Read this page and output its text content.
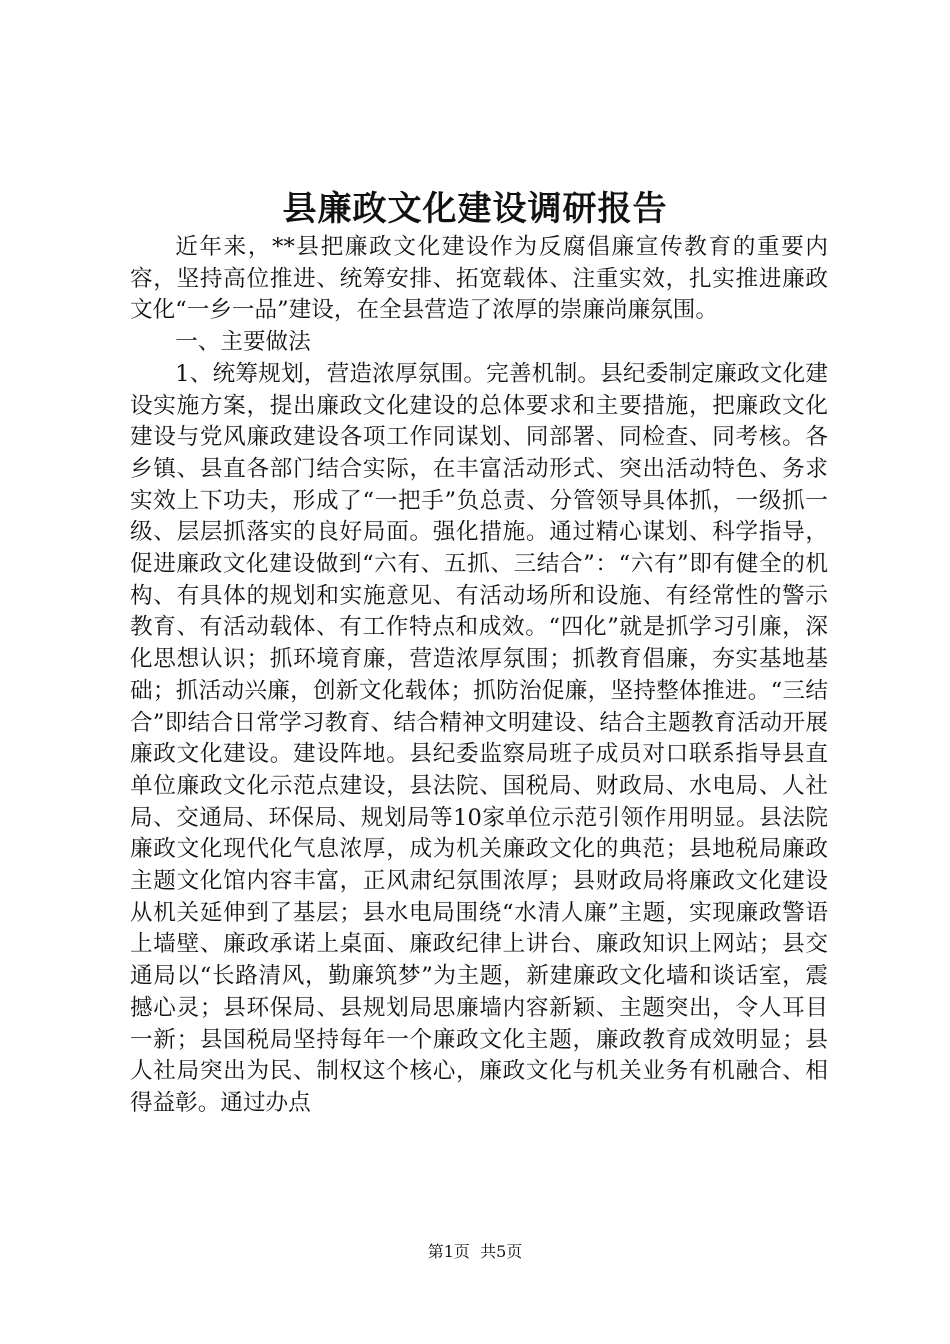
县廉政文化建设调研报告

近年来，**县把廉政文化建设作为反腐倡廉宣传教育的重要内容，坚持高位推进、统筹安排、拓宽载体、注重实效，扎实推进廉政文化“一乡一品”建设，在全县营造了浓厚的崇廉尚廉氛围。

一、主要做法

1、统筹规划，营造浓厚氛围。完善机制。县纪委制定廉政文化建设实施方案，提出廉政文化建设的总体要求和主要措施，把廉政文化建设与党风廉政建设各项工作同谋划、同部署、同检查、同考核。各乡镇、县直各部门结合实际，在丰富活动形式、突出活动特色、务求实效上下功夫，形成了“一把手”负总责、分管领导具体抓，一级抓一级、层层抓落实的良好局面。强化措施。通过精心谋划、科学指导，促进廉政文化建设做到“六有、五抓、三结合”：“六有”即有健全的机构、有具体的规划和实施意见、有活动场所和设施、有经常性的警示教育、有活动载体、有工作特点和成效。“四化”就是抓学习引廉，深化思想认识；抓环境育廉，营造浓厚氛围；抓教育倡廉，夯实基地基础；抓活动兴廉，创新文化载体；抓防治促廉，坚持整体推进。“三结合”即结合日常学习教育、结合精神文明建设、结合主题教育活动开展廉政文化建设。建设阵地。县纪委监察局班子成员对口联系指导县直单位廉政文化示范点建设，县法院、国税局、财政局、水电局、人社局、交通局、环保局、规划局等10家单位示范引领作用明显。县法院廉政文化现代化气息浓厚，成为机关廉政文化的典范；县地税局廉政主题文化馆内容丰富，正风肃纪氛围浓厚；县财政局将廉政文化建设从机关延伸到了基层；县水电局围绕“水清人廉”主题，实现廉政警语上墙壁、廉政承诺上桌面、廉政纪律上讲台、廉政知识上网站；县交通局以“长路清风，勤廉筑梦”为主题，新建廉政文化墙和谈话室，震撼心灵；县环保局、县规划局思廉墙内容新颖、主题突出，令人耳目一新；县国税局坚持每年一个廉政文化主题，廉政教育成效明显；县人社局突出为民、制权这个核心，廉政文化与机关业务有机融合、相得益彰。通过办点

第1页  共5页
